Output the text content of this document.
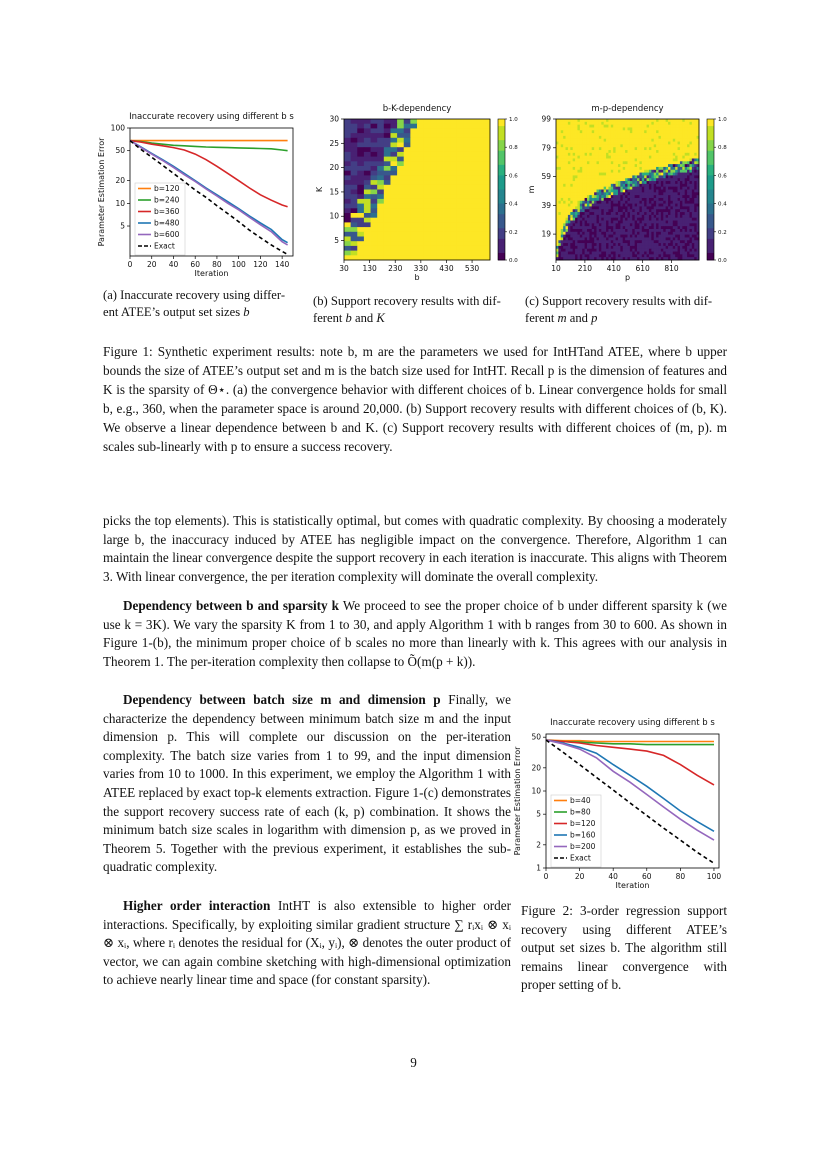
Inaccurate recovery using different b s
0 20 40 60 80 100 120 140
100
50
20
10
5
Iteration
Parameter Estimation Error	b=120
b=240
b=360
b=480
b=600
Exact
b-K-dependency
30 130 230 330 430 530
30
25
20
15
10
5
b
K
1.0
0.8
0.6
0.4
0.2
0.0
m-p-dependency
10 210 410 610 810
99
79
59
39
19
p
m
1.0
0.8
0.6
0.4
0.2
0.0

(a) Inaccurate recovery using differ-
ent ATEE’s output set sizes b

(b) Support recovery results with dif-
ferent b and K

(c) Support recovery results with dif-
ferent m and p

Figure 1: Synthetic experiment results: note b, m are the parameters we used for IntHTand ATEE, where b upper bounds the size of ATEE’s output set and m is the batch size used for IntHT. Recall p is the dimension of features and K is the sparsity of Θ⋆. (a) the convergence behavior with different choices of b. Linear convergence holds for small b, e.g., 360, when the parameter space is around 20,000. (b) Support recovery results with different choices of (b, K). We observe a linear dependence between b and K. (c) Support recovery results with different choices of (m, p). m scales sub-linearly with p to ensure a success recovery.

picks the top elements). This is statistically optimal, but comes with quadratic complexity. By choosing a moderately large b, the inaccuracy induced by ATEE has negligible impact on the convergence. Therefore, Algorithm 1 can maintain the linear convergence despite the support recovery in each iteration is inaccurate. This aligns with Theorem 3. With linear convergence, the per iteration complexity will dominate the overall complexity.

Dependency between b and sparsity k We proceed to see the proper choice of b under different sparsity k (we use k = 3K). We vary the sparsity K from 1 to 30, and apply Algorithm 1 with b ranges from 30 to 600. As shown in Figure 1-(b), the minimum proper choice of b scales no more than linearly with k. This agrees with our analysis in Theorem 1. The per-iteration complexity then collapse to Õ(m(p + k)).

Dependency between batch size m and dimension p Finally, we characterize the dependency between minimum batch size m and the input dimension p. This will complete our discussion on the per-iteration complexity. The batch size varies from 1 to 99, and the input dimension varies from 10 to 1000. In this experiment, we employ the Algorithm 1 with ATEE replaced by exact top-k elements extraction. Figure 1-(c) demonstrates the support recovery success rate of each (k, p) combination. It shows the minimum batch size scales in logarithm with dimension p, as we proved in Theorem 5. Together with the previous experiment, it establishes the sub-quadratic complexity.

Higher order interaction IntHT is also extensible to higher order interactions. Specifically, by exploiting similar gradient structure ∑ rᵢxᵢ ⊗ xᵢ ⊗ xᵢ, where rᵢ denotes the residual for (Xᵢ, yᵢ), ⊗ denotes the outer product of vector, we can again combine sketching with high-dimensional optimization to achieve nearly linear time and space (for constant sparsity).

Inaccurate recovery using different b s
0	20	40	60	80	100
50
20
10
5
2
1
Iteration
Parameter Estimation Error	b=40
b=80
b=120
b=160
b=200
Exact

Figure 2: 3-order regression support recovery using different ATEE’s output set sizes b. The algorithm still remains linear convergence with proper setting of b.

9
